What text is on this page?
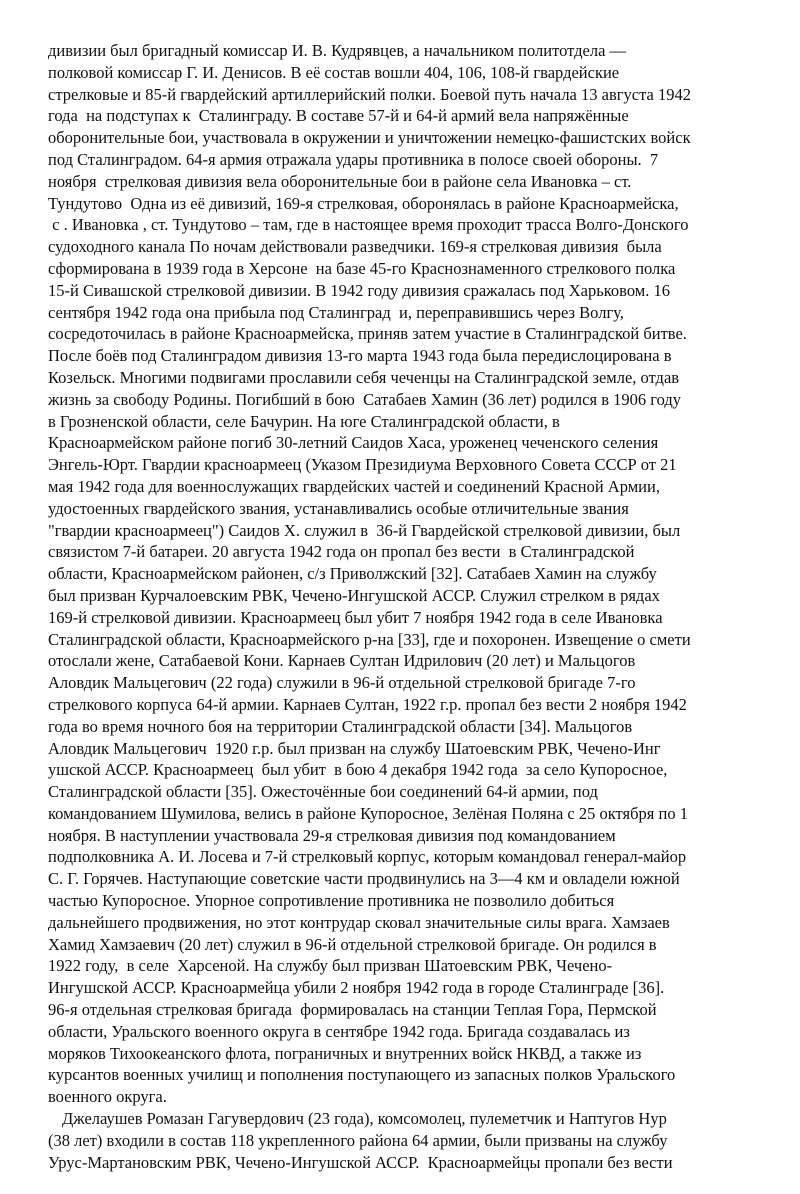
дивизии был бригадный комиссар И. В. Кудрявцев, а начальником политотдела —
полковой комиссар Г. И. Денисов. В её состав вошли 404, 106, 108-й гвардейские
стрелковые и 85-й гвардейский артиллерийский полки. Боевой путь начала 13 августа 1942
года  на подступах к  Сталинграду. В составе 57-й и 64-й армий вела напряжённые
оборонительные бои, участвовала в окружении и уничтожении немецко-фашистских войск
под Сталинградом. 64-я армия отражала удары противника в полосе своей обороны.  7
ноября  стрелковая дивизия вела оборонительные бои в районе села Ивановка – ст.
Тундутово  Одна из её дивизий, 169-я стрелковая, оборонялась в районе Красноармейска,
с . Ивановка , ст. Тундутово – там, где в настоящее время проходит трасса Волго-Донского
судоходного канала По ночам действовали разведчики. 169-я стрелковая дивизия  была
сформирована в 1939 года в Херсоне  на базе 45-го Краснознаменного стрелкового полка
15-й Сивашской стрелковой дивизии. В 1942 году дивизия сражалась под Харьковом. 16
сентября 1942 года она прибыла под Сталинград  и, переправившись через Волгу,
сосредоточилась в районе Красноармейска, приняв затем участие в Сталинградской битве.
После боёв под Сталинградом дивизия 13-го марта 1943 года была передислоцирована в
Козельск. Многими подвигами прославили себя чеченцы на Сталинградской земле, отдав
жизнь за свободу Родины. Погибший в бою  Сатабаев Хамин (36 лет) родился в 1906 году
в Грозненской области, селе Бачурин. На юге Сталинградской области, в
Красноармейском районе погиб 30-летний Саидов Хаса, уроженец чеченского селения
Энгель-Юрт. Гвардии красноармеец (Указом Президиума Верховного Совета СССР от 21
мая 1942 года для военнослужащих гвардейских частей и соединений Красной Армии,
удостоенных гвардейского звания, устанавливались особые отличительные звания
"гвардии красноармеец") Саидов Х. служил в  36-й Гвардейской стрелковой дивизии, был
связистом 7-й батареи. 20 августа 1942 года он пропал без вести  в Сталинградской
области, Красноармейском районен, с/з Приволжский [32]. Сатабаев Хамин на службу
был призван Курчалоевским РВК, Чечено-Ингушской АССР. Служил стрелком в рядах
169-й стрелковой дивизии. Красноармеец был убит 7 ноября 1942 года в селе Ивановка
Сталинградской области, Красноармейского р-на [33], где и похоронен. Извещение о смети
отослали жене, Сатабаевой Кони. Карнаев Султан Идрилович (20 лет) и Мальцогов
Аловдик Мальцегович (22 года) служили в 96-й отдельной стрелковой бригаде 7-го
стрелкового корпуса 64-й армии. Карнаев Султан, 1922 г.р. пропал без вести 2 ноября 1942
года во время ночного боя на территории Сталинградской области [34]. Мальцогов
Аловдик Мальцегович  1920 г.р. был призван на службу Шатоевским РВК, Чечено-Инг
ушской АССР. Красноармеец  был убит  в бою 4 декабря 1942 года  за село Купоросное,
Сталинградской области [35]. Ожесточённые бои соединений 64-й армии, под
командованием Шумилова, велись в районе Купоросное, Зелёная Поляна с 25 октября по 1
ноября. В наступлении участвовала 29-я стрелковая дивизия под командованием
подполковника А. И. Лосева и 7-й стрелковый корпус, которым командовал генерал-майор
С. Г. Горячев. Наступающие советские части продвинулись на 3—4 км и овладели южной
частью Купоросное. Упорное сопротивление противника не позволило добиться
дальнейшего продвижения, но этот контрудар сковал значительные силы врага. Хамзаев
Хамид Хамзаевич (20 лет) служил в 96-й отдельной стрелковой бригаде. Он родился в
1922 году,  в селе  Харсеной. На службу был призван Шатоевским РВК, Чечено-
Ингушской АССР. Красноармейца убили 2 ноября 1942 года в городе Сталинграде [36].
96-я отдельная стрелковая бригада  формировалась на станции Теплая Гора, Пермской
области, Уральского военного округа в сентябре 1942 года. Бригада создавалась из
моряков Тихоокеанского флота, пограничных и внутренних войск НКВД, а также из
курсантов военных училищ и пополнения поступающего из запасных полков Уральского
военного округа.
Джелаушев Ромазан Гагувердович (23 года), комсомолец, пулеметчик и Наптугов Нур
(38 лет) входили в состав 118 укрепленного района 64 армии, были призваны на службу
Урус-Мартановским РВК, Чечено-Ингушской АССР.  Красноармейцы пропали без вести
